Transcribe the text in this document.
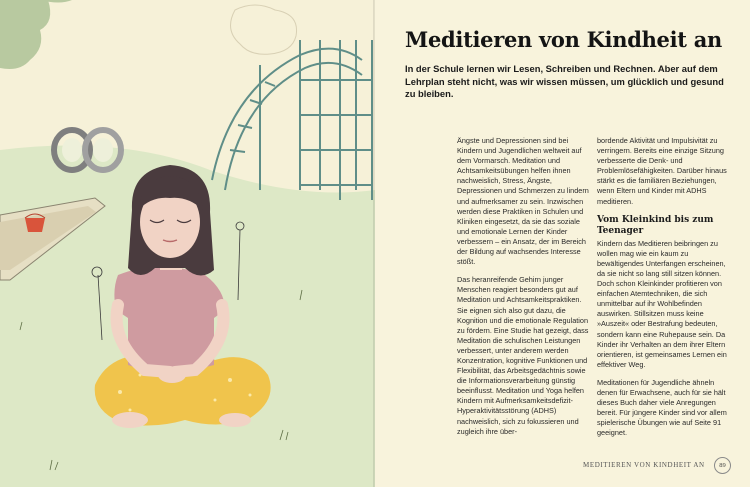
Meditieren von Kindheit an

In der Schule lernen wir Lesen, Schreiben und Rechnen. Aber auf dem Lehrplan steht nicht, was wir wissen müssen, um glücklich und gesund zu bleiben.

Ängste und Depressionen sind bei Kindern und Jugendlichen weltweit auf dem Vormarsch. Meditation und Achtsamkeitsübungen helfen ihnen nachweislich, Stress, Ängste, Depressionen und Schmerzen zu lindern und aufmerksamer zu sein. Inzwischen werden diese Praktiken in Schulen und Kliniken eingesetzt, da sie das soziale und emotionale Lernen der Kinder verbessern – ein Ansatz, der im Bereich der Bildung auf wachsendes Interesse stößt.

Das heranreifende Gehirn junger Menschen reagiert besonders gut auf Meditation und Achtsamkeitspraktiken. Sie eignen sich also gut dazu, die Kognition und die emotionale Regulation zu fördern. Eine Studie hat gezeigt, dass Meditation die schulischen Leistungen verbessert, unter anderem werden Konzentration, kognitive Funktionen und Flexibilität, das Arbeitsgedächtnis sowie die Informationsverarbeitung günstig beeinflusst. Meditation und Yoga helfen Kindern mit Aufmerksamkeitsdefizit-Hyperaktivitätsstörung (ADHS) nachweislich, sich zu fokussieren und zugleich ihre über-

bordende Aktivität und Impulsivität zu verringern. Bereits eine einzige Sitzung verbesserte die Denk- und Problemlösefähigkeiten. Darüber hinaus stärkt es die familiären Beziehungen, wenn Eltern und Kinder mit ADHS meditieren.

Vom Kleinkind bis zum Teenager

Kindern das Meditieren beibringen zu wollen mag wie ein kaum zu bewältigendes Unterfangen erscheinen, da sie nicht so lang still sitzen können. Doch schon Kleinkinder profitieren von einfachen Atemtechniken, die sich unmittelbar auf ihr Wohlbefinden auswirken. Stillsitzen muss keine »Auszeit« oder Bestrafung bedeuten, sondern kann eine Ruhepause sein. Da Kinder ihr Verhalten an dem ihrer Eltern orientieren, ist gemeinsames Lernen ein effektiver Weg.

Meditationen für Jugendliche ähneln denen für Erwachsene, auch für sie hält dieses Buch daher viele Anregungen bereit. Für jüngere Kinder sind vor allem spielerische Übungen wie auf Seite 91 geeignet.

MEDITIEREN VON KINDHEIT AN	89
